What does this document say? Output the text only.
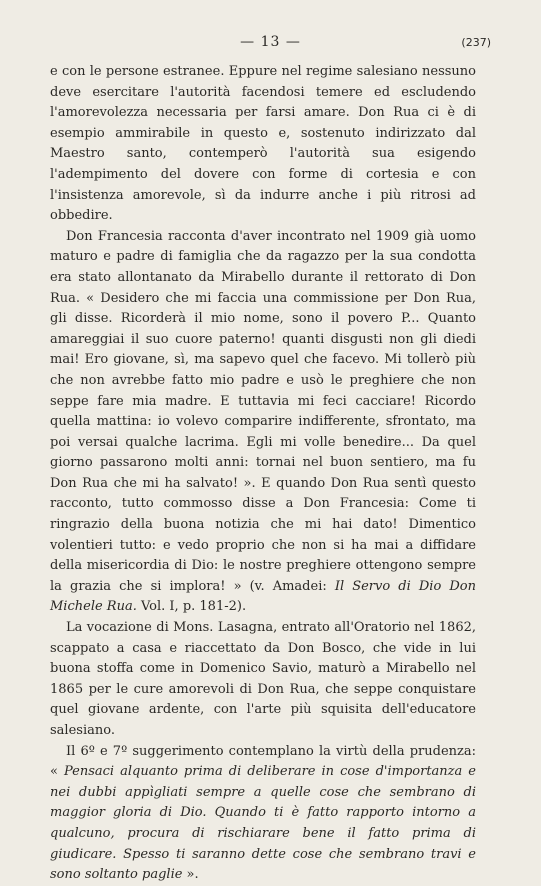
— 13 —	(237)

e con le persone estranee. Eppure nel regime salesiano nessuno deve esercitare l'autorità facendosi temere ed escludendo l'amorevolezza necessaria per farsi amare. Don Rua ci è di esempio ammirabile in questo e, sostenuto indirizzato dal Maestro santo, contemperò l'autorità sua esigendo l'adempimento del dovere con forme di cortesia e con l'insistenza amorevole, sì da indurre anche i più ritrosi ad obbedire.

Don Francesia racconta d'aver incontrato nel 1909 già uomo maturo e padre di famiglia che da ragazzo per la sua condotta era stato allontanato da Mirabello durante il rettorato di Don Rua. « Desidero che mi faccia una commissione per Don Rua, gli disse. Ricorderà il mio nome, sono il povero P... Quanto amareggiai il suo cuore paterno! quanti disgusti non gli diedi mai! Ero giovane, sì, ma sapevo quel che facevo. Mi tollerò più che non avrebbe fatto mio padre e usò le preghiere che non seppe fare mia madre. E tuttavia mi feci cacciare! Ricordo quella mattina: io volevo comparire indifferente, sfrontato, ma poi versai qualche lacrima. Egli mi volle benedire... Da quel giorno passarono molti anni: tornai nel buon sentiero, ma fu Don Rua che mi ha salvato! ». E quando Don Rua sentì questo racconto, tutto commosso disse a Don Francesia: Come ti ringrazio della buona notizia che mi hai dato! Dimentico volentieri tutto: e vedo proprio che non si ha mai a diffidare della misericordia di Dio: le nostre preghiere ottengono sempre la grazia che si implora! » (v. Amadei: Il Servo di Dio Don Michele Rua. Vol. I, p. 181-2).

La vocazione di Mons. Lasagna, entrato all'Oratorio nel 1862, scappato a casa e riaccettato da Don Bosco, che vide in lui buona stoffa come in Domenico Savio, maturò a Mirabello nel 1865 per le cure amorevoli di Don Rua, che seppe conquistare quel giovane ardente, con l'arte più squisita dell'educatore salesiano.

Il 6º e 7º suggerimento contemplano la virtù della prudenza: « Pensaci alquanto prima di deliberare in cose d'importanza e nei dubbi appìgliati sempre a quelle cose che sembrano di maggior gloria di Dio. Quando ti è fatto rapporto intorno a qualcuno, procura di rischiarare bene il fatto prima di giudicare. Spesso ti saranno dette cose che sembrano travi e sono soltanto paglie ».
